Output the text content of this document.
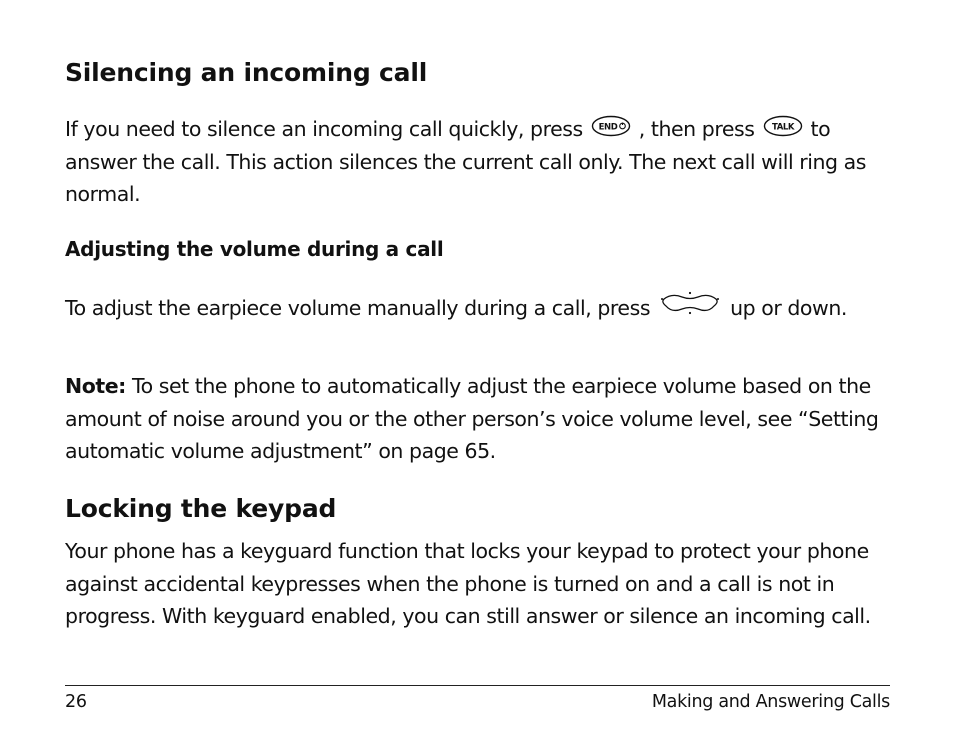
Silencing an incoming call

If you need to silence an incoming call quickly, press END , then press TALK to answer the call. This action silences the current call only. The next call will ring as normal.

Adjusting the volume during a call

To adjust the earpiece volume manually during a call, press	up or down.

Note: To set the phone to automatically adjust the earpiece volume based on the amount of noise around you or the other person’s voice volume level, see “Setting automatic volume adjustment” on page 65.

Locking the keypad

Your phone has a keyguard function that locks your keypad to protect your phone against accidental keypresses when the phone is turned on and a call is not in progress. With keyguard enabled, you can still answer or silence an incoming call.

26	Making and Answering Calls
